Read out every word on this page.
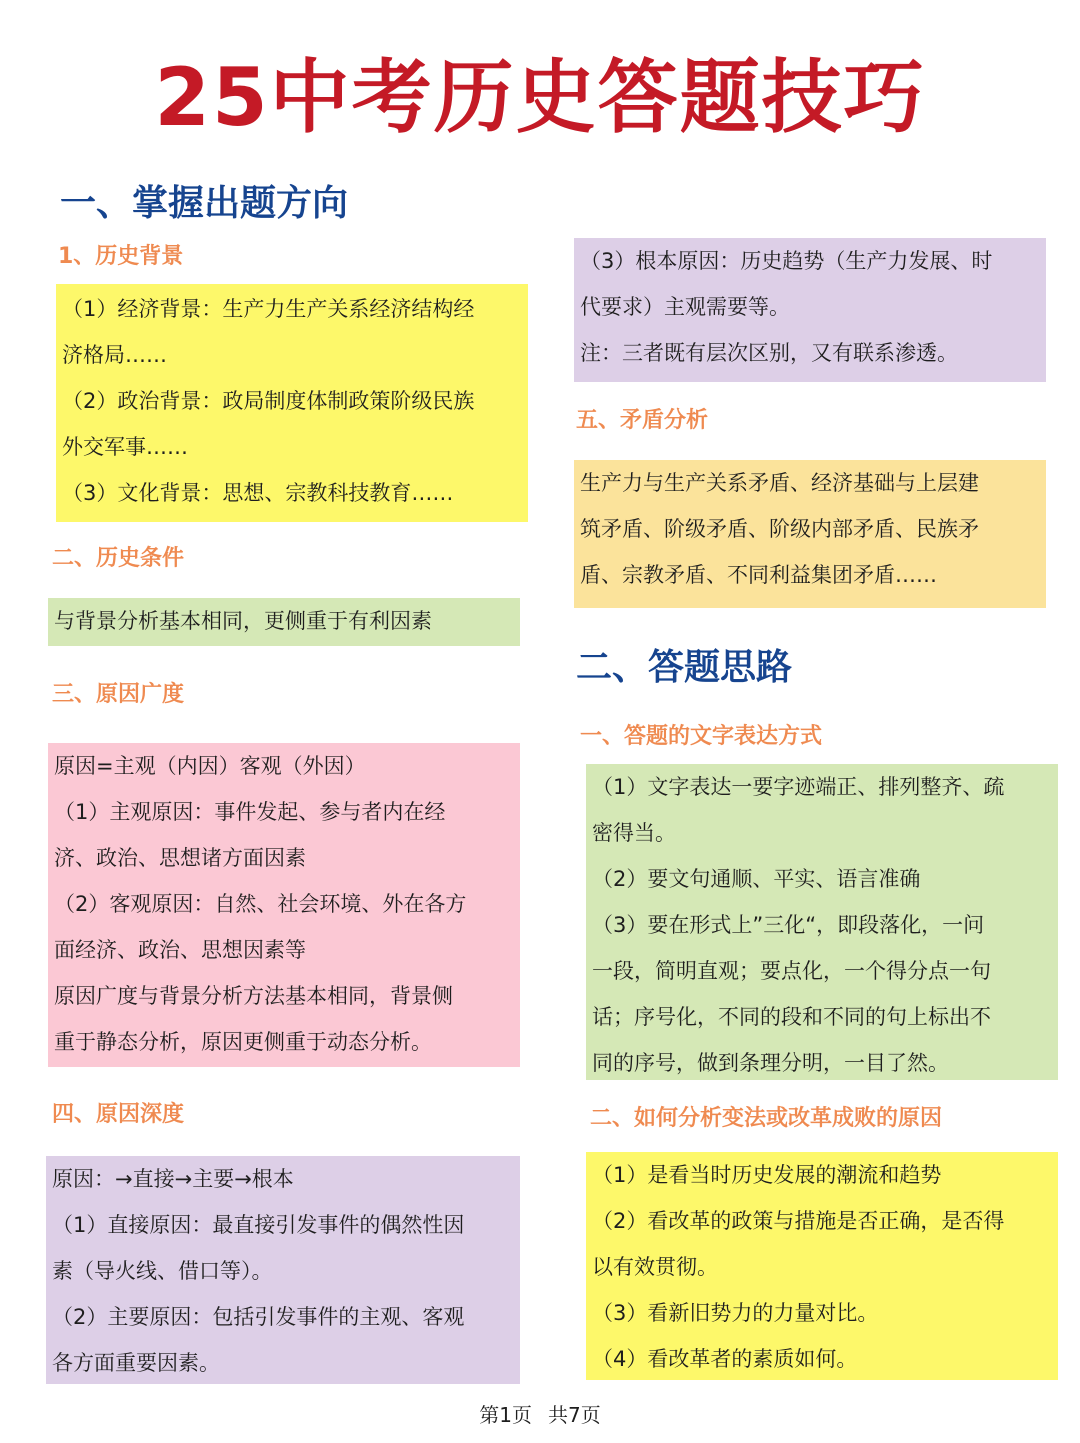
25中考历史答题技巧
一、掌握出题方向
1、历史背景

（1）经济背景：生产力生产关系经济结构经

济格局……

（2）政治背景：政局制度体制政策阶级民族

外交军事……

（3）文化背景：思想、宗教科技教育……

二、历史条件

与背景分析基本相同，更侧重于有利因素

三、原因广度

原因=主观（内因）客观（外因）

（1）主观原因：事件发起、参与者内在经

济、政治、思想诸方面因素

（2）客观原因：自然、社会环境、外在各方

面经济、政治、思想因素等

原因广度与背景分析方法基本相同，背景侧

重于静态分析，原因更侧重于动态分析。

四、原因深度

原因：→直接→主要→根本

（1）直接原因：最直接引发事件的偶然性因

素（导火线、借口等）。

（2）主要原因：包括引发事件的主观、客观

各方面重要因素。

（3）根本原因：历史趋势（生产力发展、时

代要求）主观需要等。

注：三者既有层次区别，又有联系渗透。

五、矛盾分析

生产力与生产关系矛盾、经济基础与上层建

筑矛盾、阶级矛盾、阶级内部矛盾、民族矛

盾、宗教矛盾、不同利益集团矛盾……

二、答题思路
一、答题的文字表达方式

（1）文字表达一要字迹端正、排列整齐、疏

密得当。

（2）要文句通顺、平实、语言准确

（3）要在形式上”三化“，即段落化，一问

一段，简明直观；要点化，一个得分点一句

话；序号化，不同的段和不同的句上标出不

同的序号，做到条理分明，一目了然。

二、如何分析变法或改革成败的原因

（1）是看当时历史发展的潮流和趋势

（2）看改革的政策与措施是否正确，是否得

以有效贯彻。

（3）看新旧势力的力量对比。

（4）看改革者的素质如何。

第1页 共7页
